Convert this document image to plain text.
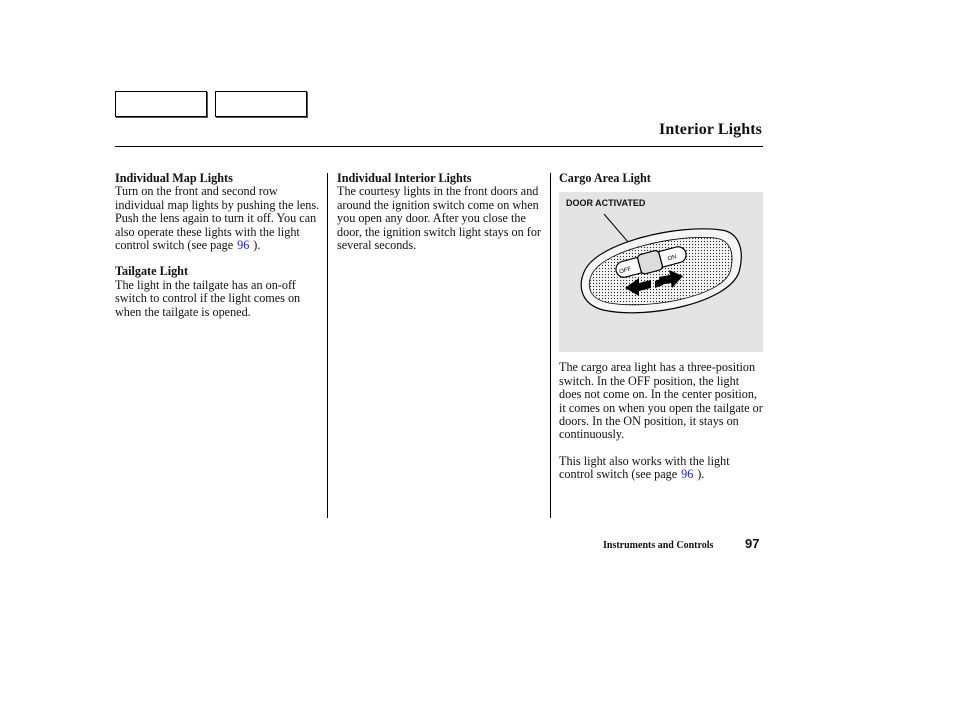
Interior Lights
Individual Map Lights
Turn on the front and second row individual map lights by pushing the lens. Push the lens again to turn it off. You can also operate these lights with the light control switch (see page 96 ).
Tailgate Light
The light in the tailgate has an on-off switch to control if the light comes on when the tailgate is opened.
Individual Interior Lights
The courtesy lights in the front doors and around the ignition switch come on when you open any door. After you close the door, the ignition switch light stays on for several seconds.
Cargo Area Light
OFF
ON
DOOR ACTIVATED
The cargo area light has a three-position switch. In the OFF position, the light does not come on. In the center position, it comes on when you open the tailgate or doors. In the ON position, it stays on continuously.
This light also works with the light control switch (see page 96 ).
Instruments and Controls 97
